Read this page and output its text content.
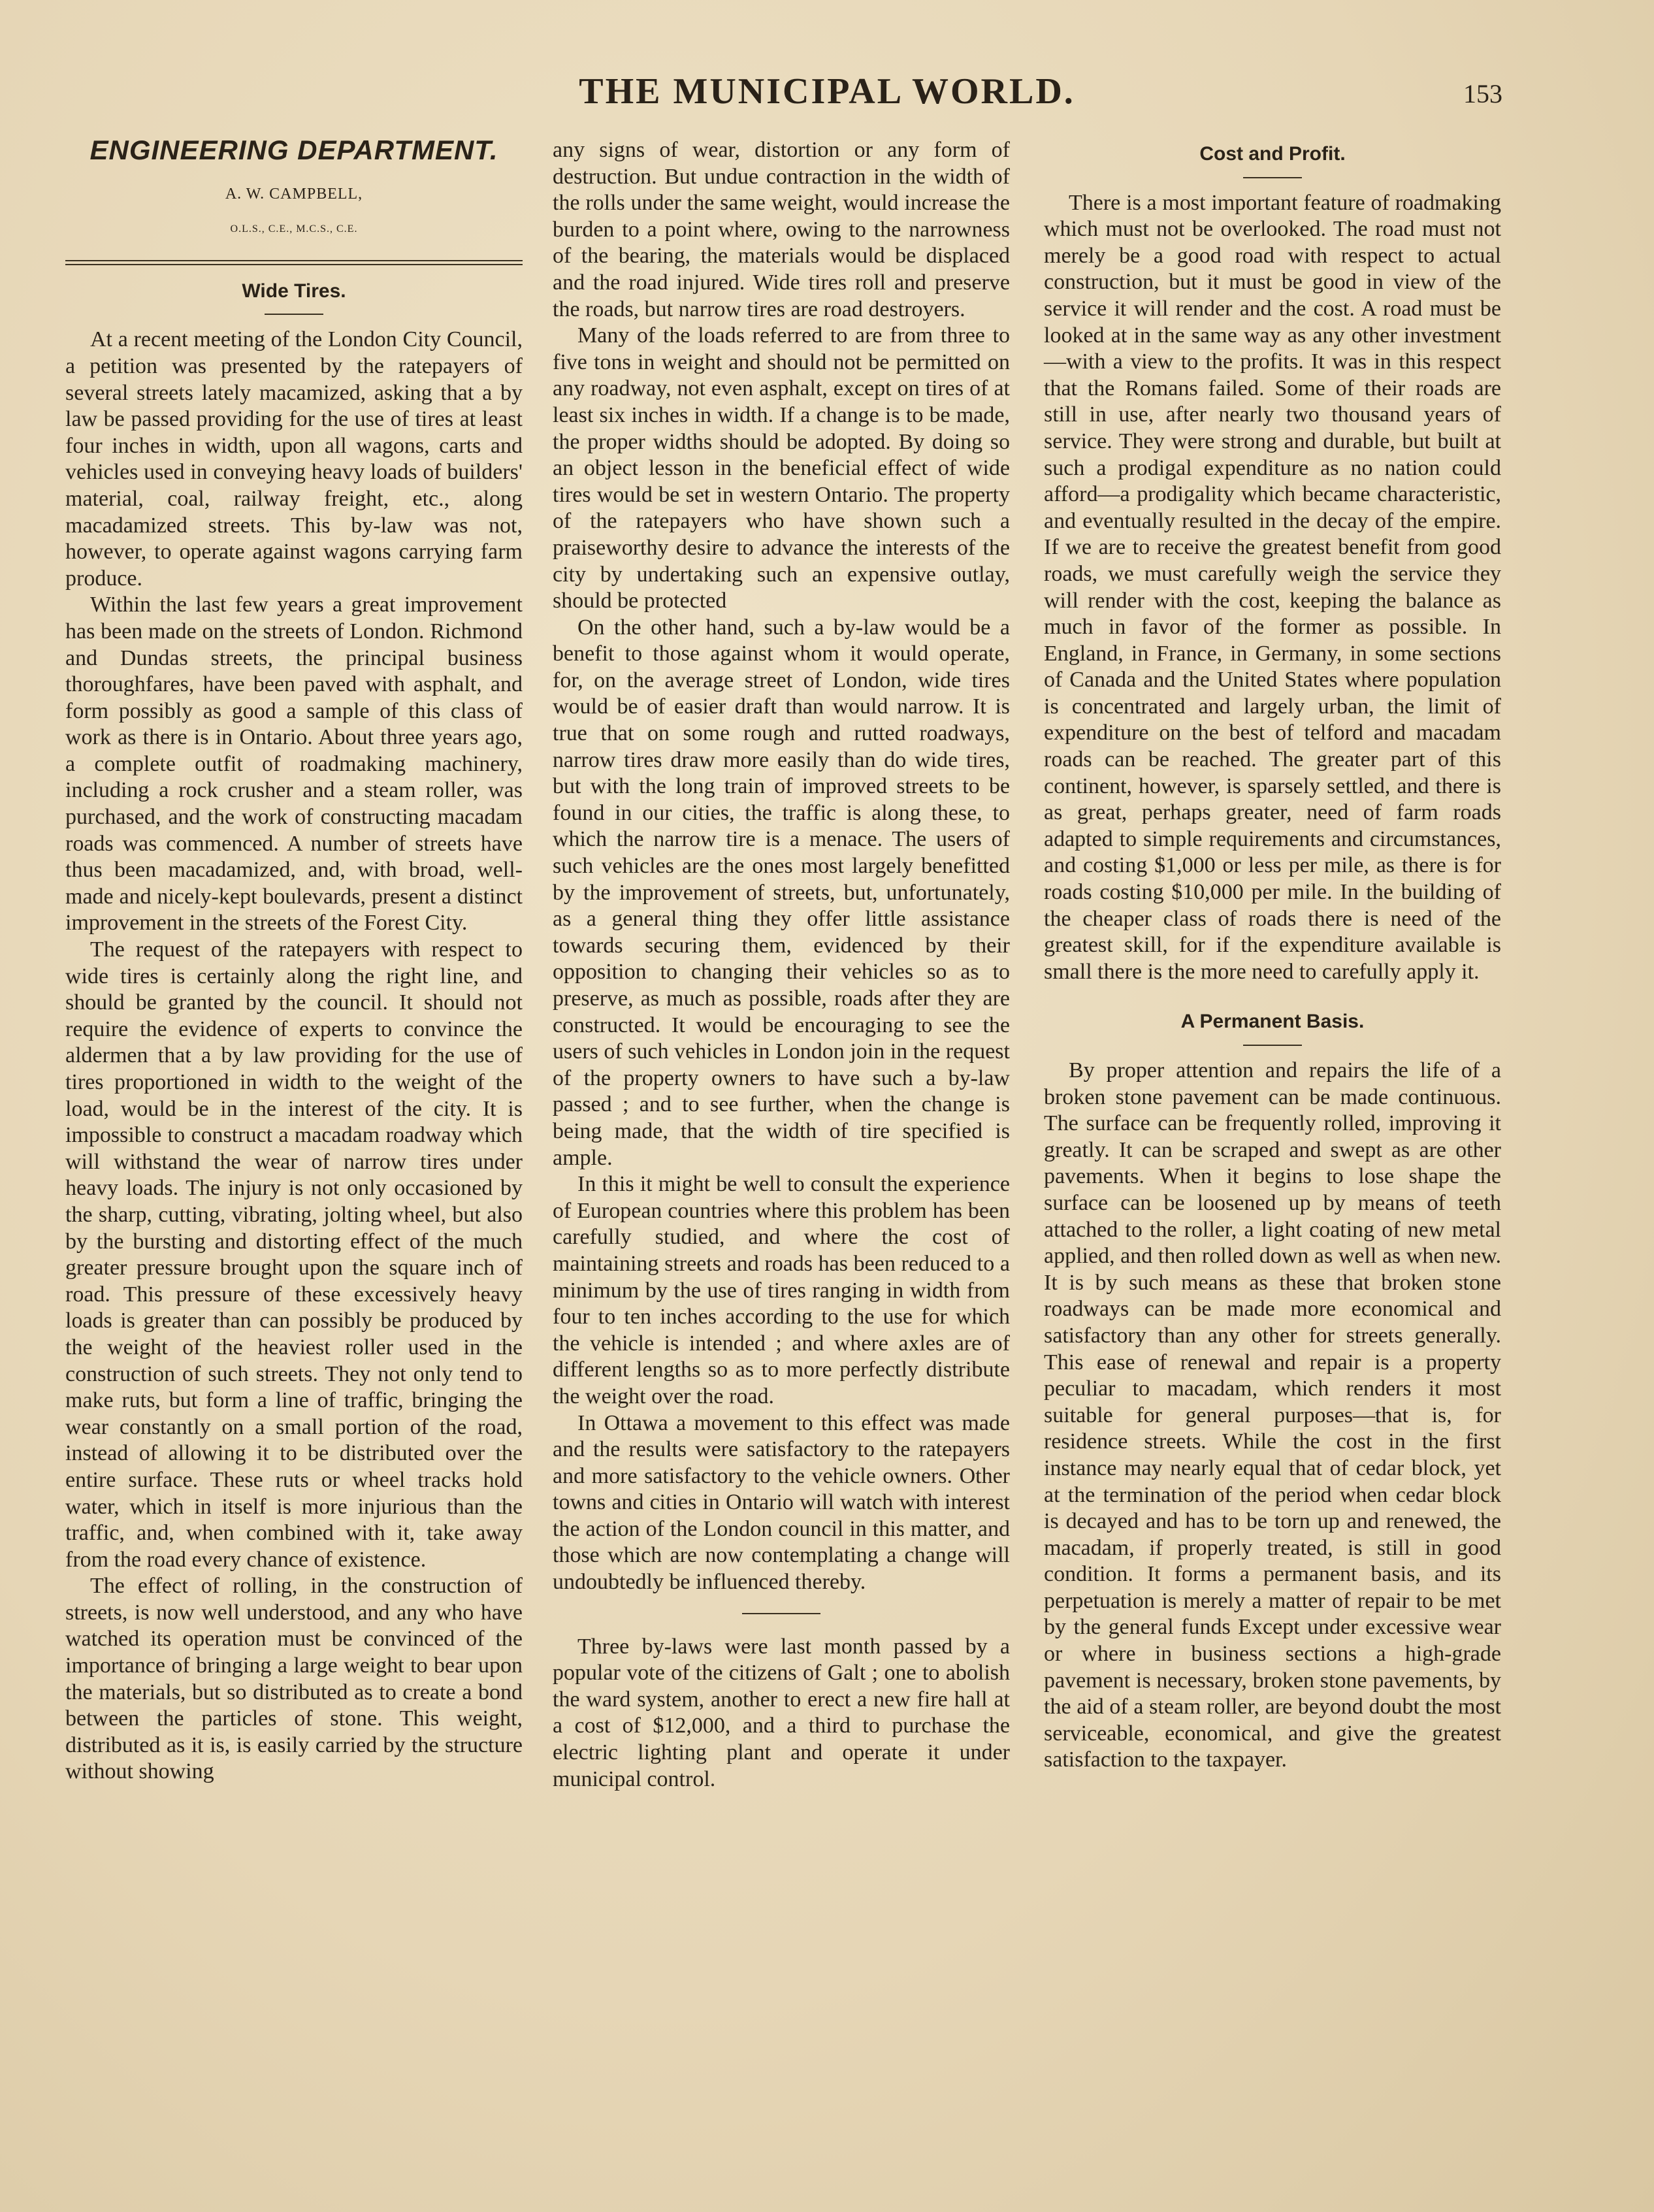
THE MUNICIPAL WORLD.	153
ENGINEERING DEPARTMENT.
A. W. CAMPBELL,
O.L.S., C.E., M.C.S., C.E.
Wide Tires.

At a recent meeting of the London City Council, a petition was presented by the ratepayers of several streets lately macamized, asking that a by law be passed providing for the use of tires at least four inches in width, upon all wagons, carts and vehicles used in conveying heavy loads of builders' material, coal, railway freight, etc., along macadamized streets. This by-law was not, however, to operate against wagons carrying farm produce.

Within the last few years a great improvement has been made on the streets of London. Richmond and Dundas streets, the principal business thoroughfares, have been paved with asphalt, and form possibly as good a sample of this class of work as there is in Ontario. About three years ago, a complete outfit of roadmaking machinery, including a rock crusher and a steam roller, was purchased, and the work of constructing macadam roads was commenced. A number of streets have thus been macadamized, and, with broad, well-made and nicely-kept boulevards, present a distinct improvement in the streets of the Forest City.

The request of the ratepayers with respect to wide tires is certainly along the right line, and should be granted by the council. It should not require the evidence of experts to convince the aldermen that a by law providing for the use of tires proportioned in width to the weight of the load, would be in the interest of the city. It is impossible to construct a macadam roadway which will withstand the wear of narrow tires under heavy loads. The injury is not only occasioned by the sharp, cutting, vibrating, jolting wheel, but also by the bursting and distorting effect of the much greater pressure brought upon the square inch of road. This pressure of these excessively heavy loads is greater than can possibly be produced by the weight of the heaviest roller used in the construction of such streets. They not only tend to make ruts, but form a line of traffic, bringing the wear constantly on a small portion of the road, instead of allowing it to be distributed over the entire surface. These ruts or wheel tracks hold water, which in itself is more injurious than the traffic, and, when combined with it, take away from the road every chance of existence.

The effect of rolling, in the construction of streets, is now well understood, and any who have watched its operation must be convinced of the importance of bringing a large weight to bear upon the materials, but so distributed as to create a bond between the particles of stone. This weight, distributed as it is, is easily carried by the structure without showing

any signs of wear, distortion or any form of destruction. But undue contraction in the width of the rolls under the same weight, would increase the burden to a point where, owing to the narrowness of the bearing, the materials would be displaced and the road injured. Wide tires roll and preserve the roads, but narrow tires are road destroyers.

Many of the loads referred to are from three to five tons in weight and should not be permitted on any roadway, not even asphalt, except on tires of at least six inches in width. If a change is to be made, the proper widths should be adopted. By doing so an object lesson in the beneficial effect of wide tires would be set in western Ontario. The property of the ratepayers who have shown such a praiseworthy desire to advance the interests of the city by undertaking such an expensive outlay, should be protected

On the other hand, such a by-law would be a benefit to those against whom it would operate, for, on the average street of London, wide tires would be of easier draft than would narrow. It is true that on some rough and rutted roadways, narrow tires draw more easily than do wide tires, but with the long train of improved streets to be found in our cities, the traffic is along these, to which the narrow tire is a menace. The users of such vehicles are the ones most largely benefitted by the improvement of streets, but, unfortunately, as a general thing they offer little assistance towards securing them, evidenced by their opposition to changing their vehicles so as to preserve, as much as possible, roads after they are constructed. It would be encouraging to see the users of such vehicles in London join in the request of the property owners to have such a by-law passed ; and to see further, when the change is being made, that the width of tire specified is ample.

In this it might be well to consult the experience of European countries where this problem has been carefully studied, and where the cost of maintaining streets and roads has been reduced to a minimum by the use of tires ranging in width from four to ten inches according to the use for which the vehicle is intended ; and where axles are of different lengths so as to more perfectly distribute the weight over the road.

In Ottawa a movement to this effect was made and the results were satisfactory to the ratepayers and more satisfactory to the vehicle owners. Other towns and cities in Ontario will watch with interest the action of the London council in this matter, and those which are now contemplating a change will undoubtedly be influenced thereby.

Three by-laws were last month passed by a popular vote of the citizens of Galt ; one to abolish the ward system, another to erect a new fire hall at a cost of $12,000, and a third to purchase the electric lighting plant and operate it under municipal control.

Cost and Profit.

There is a most important feature of roadmaking which must not be overlooked. The road must not merely be a good road with respect to actual construction, but it must be good in view of the service it will render and the cost. A road must be looked at in the same way as any other investment—with a view to the profits. It was in this respect that the Romans failed. Some of their roads are still in use, after nearly two thousand years of service. They were strong and durable, but built at such a prodigal expenditure as no nation could afford—a prodigality which became characteristic, and eventually resulted in the decay of the empire. If we are to receive the greatest benefit from good roads, we must carefully weigh the service they will render with the cost, keeping the balance as much in favor of the former as possible. In England, in France, in Germany, in some sections of Canada and the United States where population is concentrated and largely urban, the limit of expenditure on the best of telford and macadam roads can be reached. The greater part of this continent, however, is sparsely settled, and there is as great, perhaps greater, need of farm roads adapted to simple requirements and circumstances, and costing $1,000 or less per mile, as there is for roads costing $10,000 per mile. In the building of the cheaper class of roads there is need of the greatest skill, for if the expenditure available is small there is the more need to carefully apply it.

A Permanent Basis.

By proper attention and repairs the life of a broken stone pavement can be made continuous. The surface can be frequently rolled, improving it greatly. It can be scraped and swept as are other pavements. When it begins to lose shape the surface can be loosened up by means of teeth attached to the roller, a light coating of new metal applied, and then rolled down as well as when new. It is by such means as these that broken stone roadways can be made more economical and satisfactory than any other for streets generally. This ease of renewal and repair is a property peculiar to macadam, which renders it most suitable for general purposes—that is, for residence streets. While the cost in the first instance may nearly equal that of cedar block, yet at the termination of the period when cedar block is decayed and has to be torn up and renewed, the macadam, if properly treated, is still in good condition. It forms a permanent basis, and its perpetuation is merely a matter of repair to be met by the general funds Except under excessive wear or where in business sections a high-grade pavement is necessary, broken stone pavements, by the aid of a steam roller, are beyond doubt the most serviceable, economical, and give the greatest satisfaction to the taxpayer.
